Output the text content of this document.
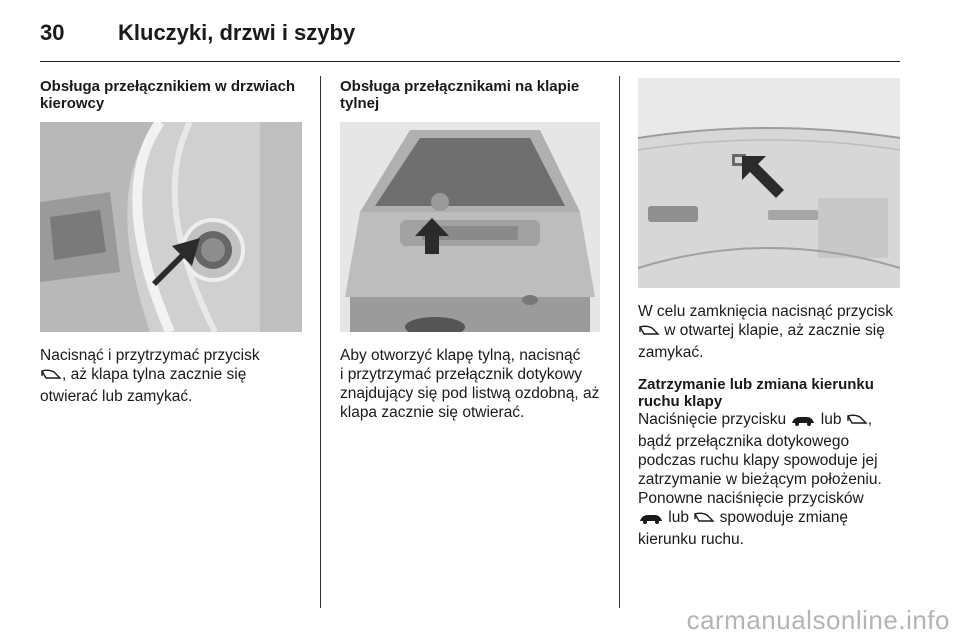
30 Kluczyki, drzwi i szyby

Obsługa przełącznikiem w drzwiach kierowcy

Nacisnąć i przytrzymać przycisk
, aż klapa tylna zacznie się
otwierać lub zamykać.

Obsługa przełącznikami na klapie tylnej

Aby otworzyć klapę tylną, nacisnąć
i przytrzymać przełącznik dotykowy
znajdujący się pod listwą ozdobną, aż
klapa zacznie się otwierać.

W celu zamknięcia nacisnąć przycisk
w otwartej klapie, aż zacznie się
zamykać.

Zatrzymanie lub zmiana kierunku ruchu klapy

Naciśnięcie przycisku  lub ,
bądź przełącznika dotykowego
podczas ruchu klapy spowoduje jej
zatrzymanie w bieżącym położeniu.
Ponowne naciśnięcie przycisków
lub  spowoduje zmianę
kierunku ruchu.

carmanualsonline.info
